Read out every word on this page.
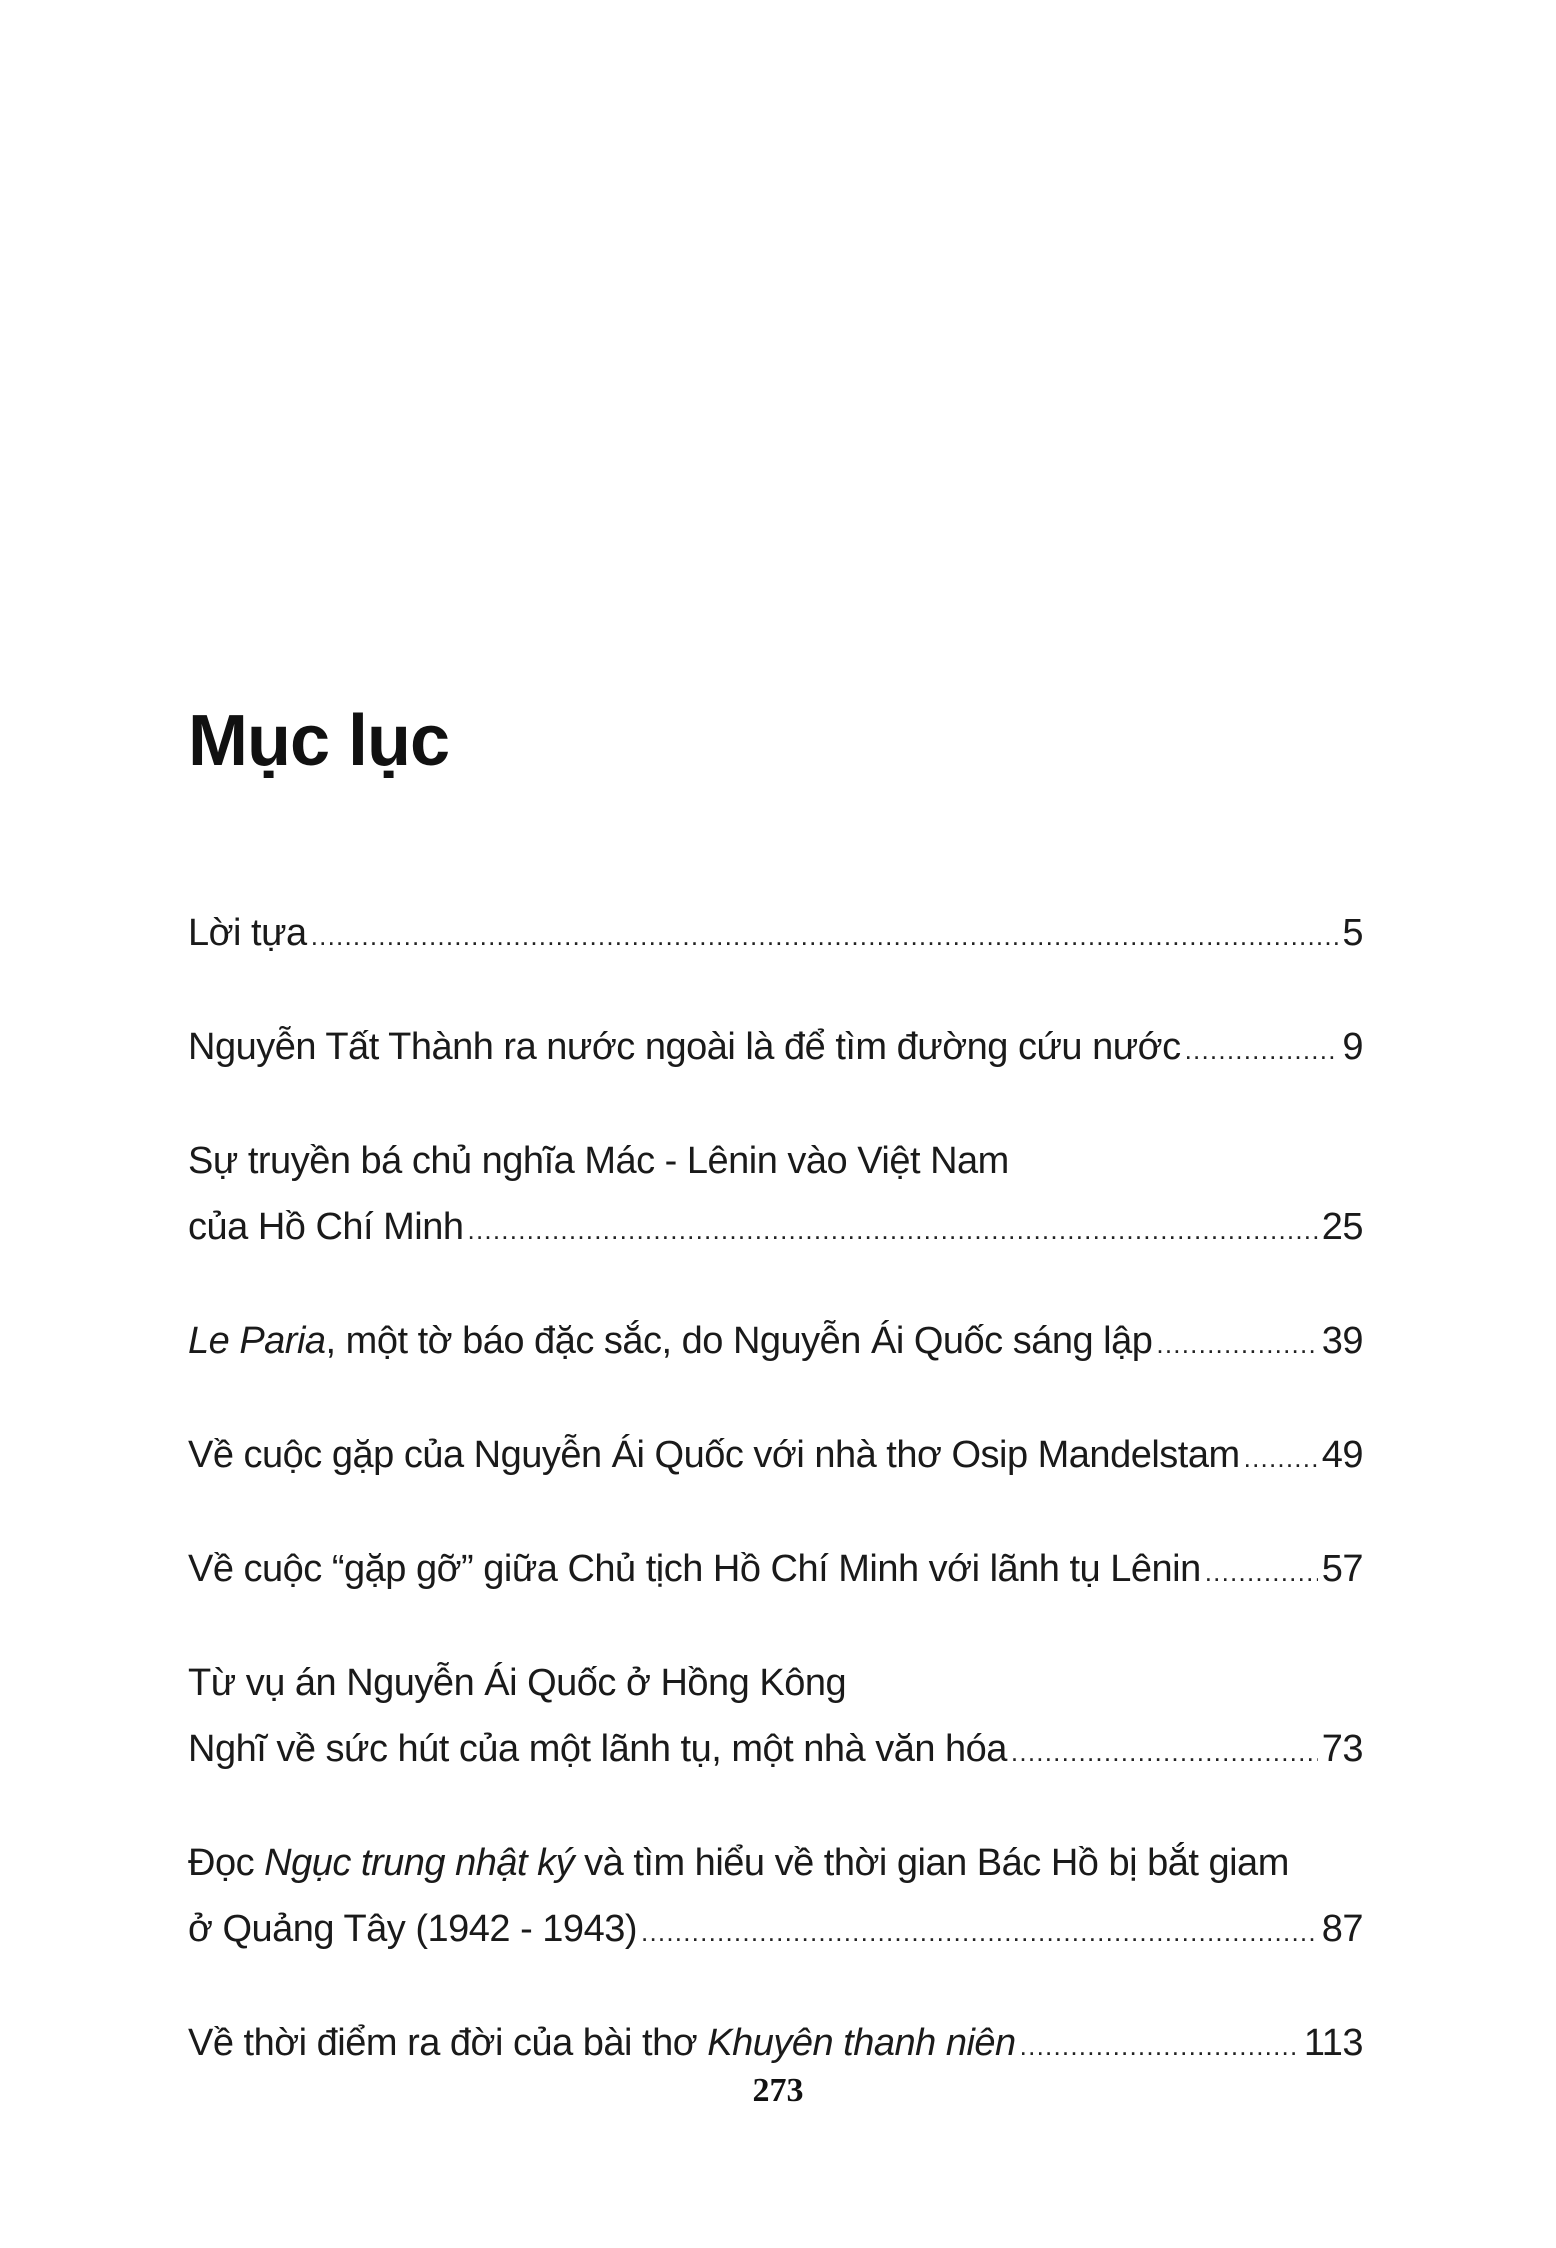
Mục lục
Lời tựa . . .	5
Nguyễn Tất Thành ra nước ngoài là để tìm đường cứu nước . . .	9
Sự truyền bá chủ nghĩa Mác - Lênin vào Việt Nam
của Hồ Chí Minh . . .	25
Le Paria, một tờ báo đặc sắc, do Nguyễn Ái Quốc sáng lập . . .	39
Về cuộc gặp của Nguyễn Ái Quốc với nhà thơ Osip Mandelstam . . . 49
Về cuộc “gặp gỡ” giữa Chủ tịch Hồ Chí Minh với lãnh tụ Lênin . . .	57
Từ vụ án Nguyễn Ái Quốc ở Hồng Kông
Nghĩ về sức hút của một lãnh tụ, một nhà văn hóa . . .	73
Đọc Ngục trung nhật ký và tìm hiểu về thời gian Bác Hồ bị bắt giam
ở Quảng Tây (1942 - 1943) . . .	87
Về thời điểm ra đời của bài thơ Khuyên thanh niên . . .	113
273
